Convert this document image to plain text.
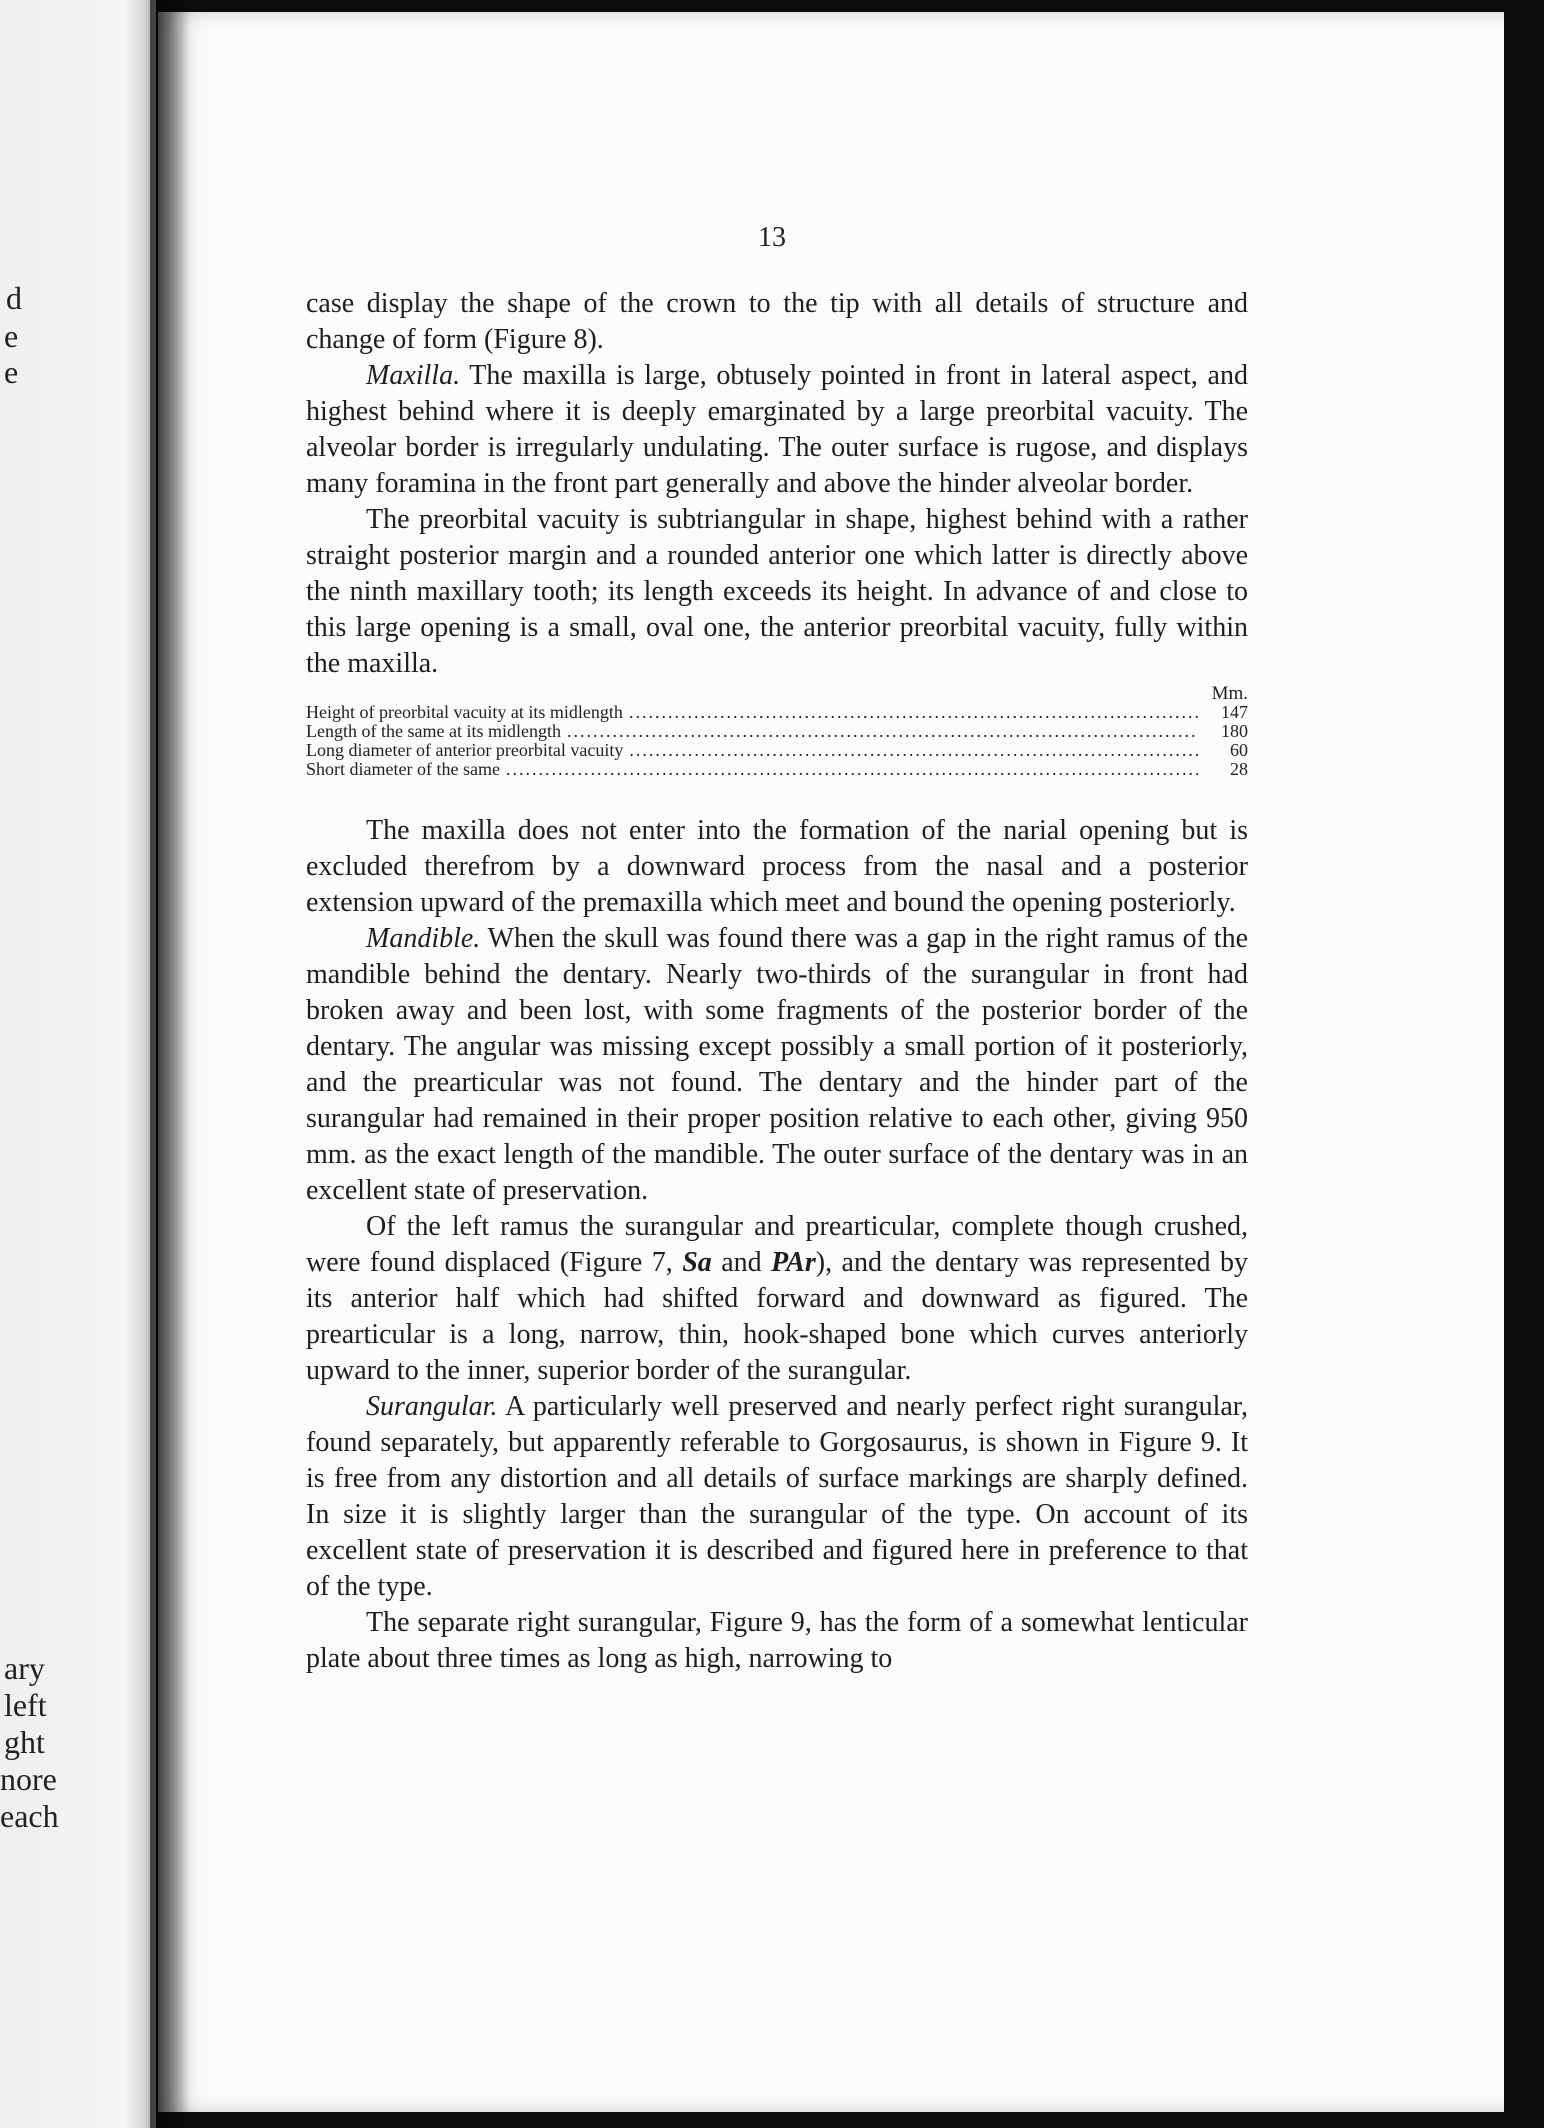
d
e
e
ary
left
ght
nore
each
13

case display the shape of the crown to the tip with all details of structure and change of form (Figure 8).

Maxilla. The maxilla is large, obtusely pointed in front in lateral aspect, and highest behind where it is deeply emarginated by a large preorbital vacuity. The alveolar border is irregularly undulating. The outer surface is rugose, and displays many foramina in the front part generally and above the hinder alveolar border.

The preorbital vacuity is subtriangular in shape, highest behind with a rather straight posterior margin and a rounded anterior one which latter is directly above the ninth maxillary tooth; its length exceeds its height. In advance of and close to this large opening is a small, oval one, the anterior preorbital vacuity, fully within the maxilla.

Mm.
Height of preorbital vacuity at its midlength .....	147
Length of the same at its midlength .....	180
Long diameter of anterior preorbital vacuity .....	60
Short diameter of the same .....	28

The maxilla does not enter into the formation of the narial opening but is excluded therefrom by a downward process from the nasal and a posterior extension upward of the premaxilla which meet and bound the opening posteriorly.

Mandible. When the skull was found there was a gap in the right ramus of the mandible behind the dentary. Nearly two-thirds of the surangular in front had broken away and been lost, with some fragments of the posterior border of the dentary. The angular was missing except possibly a small portion of it posteriorly, and the prearticular was not found. The dentary and the hinder part of the surangular had remained in their proper position relative to each other, giving 950 mm. as the exact length of the mandible. The outer surface of the dentary was in an excellent state of preservation.

Of the left ramus the surangular and prearticular, complete though crushed, were found displaced (Figure 7, Sa and PAr), and the dentary was represented by its anterior half which had shifted forward and downward as figured. The prearticular is a long, narrow, thin, hook-shaped bone which curves anteriorly upward to the inner, superior border of the surangular.

Surangular. A particularly well preserved and nearly perfect right surangular, found separately, but apparently referable to Gorgosaurus, is shown in Figure 9. It is free from any distortion and all details of surface markings are sharply defined. In size it is slightly larger than the surangular of the type. On account of its excellent state of preservation it is described and figured here in preference to that of the type.

The separate right surangular, Figure 9, has the form of a somewhat lenticular plate about three times as long as high, narrowing to
